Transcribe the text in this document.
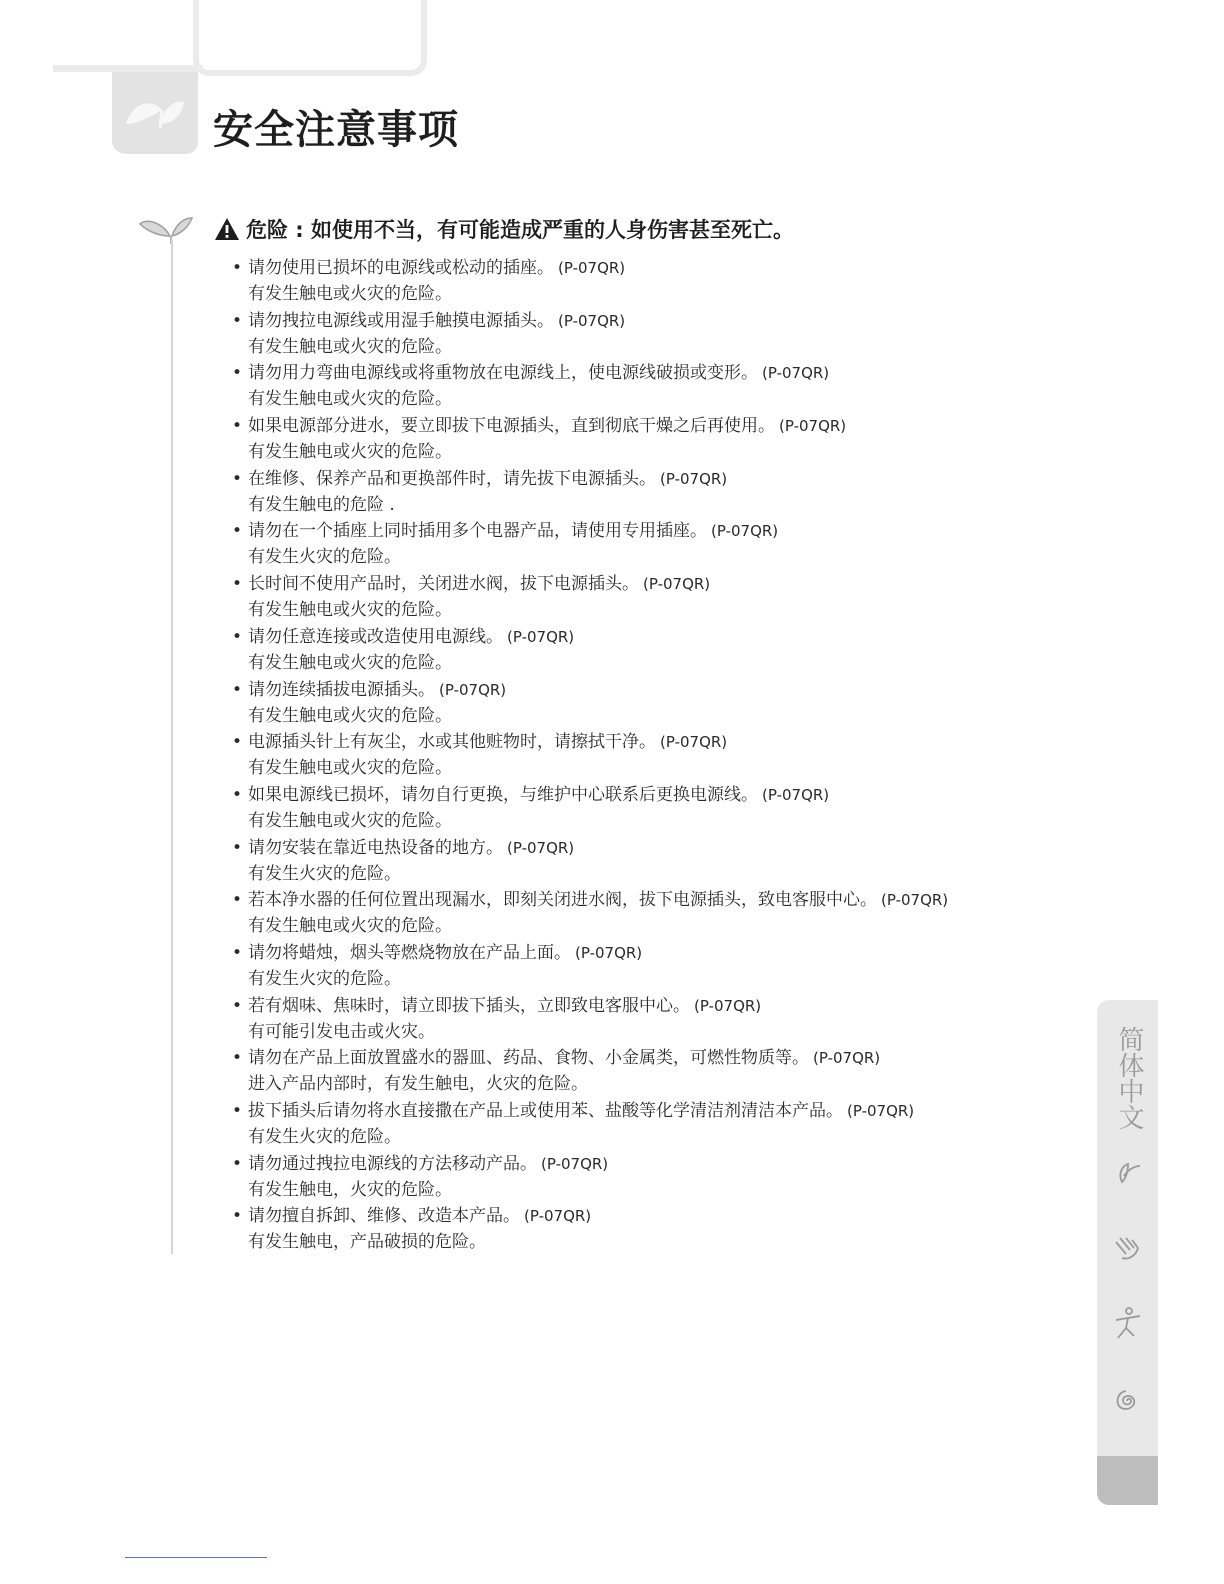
安全注意事项
危险 : 如使用不当，有可能造成严重的人身伤害甚至死亡。
• 请勿使用已损坏的电源线或松动的插座。 (P-07QR)
有发生触电或火灾的危险。
• 请勿拽拉电源线或用湿手触摸电源插头。 (P-07QR)
有发生触电或火灾的危险。
• 请勿用力弯曲电源线或将重物放在电源线上，使电源线破损或变形。 (P-07QR)
有发生触电或火灾的危险。
• 如果电源部分进水，要立即拔下电源插头，直到彻底干燥之后再使用。 (P-07QR)
有发生触电或火灾的危险。
• 在维修、保养产品和更换部件时，请先拔下电源插头。 (P-07QR)
有发生触电的危险 .
• 请勿在一个插座上同时插用多个电器产品，请使用专用插座。 (P-07QR)
有发生火灾的危险。
• 长时间不使用产品时，关闭进水阀，拔下电源插头。 (P-07QR)
有发生触电或火灾的危险。
• 请勿任意连接或改造使用电源线。 (P-07QR)
有发生触电或火灾的危险。
• 请勿连续插拔电源插头。 (P-07QR)
有发生触电或火灾的危险。
• 电源插头针上有灰尘，水或其他赃物时，请擦拭干净。 (P-07QR)
有发生触电或火灾的危险。
• 如果电源线已损坏，请勿自行更换，与维护中心联系后更换电源线。 (P-07QR)
有发生触电或火灾的危险。
• 请勿安装在靠近电热设备的地方。 (P-07QR)
有发生火灾的危险。
• 若本净水器的任何位置出现漏水，即刻关闭进水阀，拔下电源插头，致电客服中心。 (P-07QR)
有发生触电或火灾的危险。
• 请勿将蜡烛，烟头等燃烧物放在产品上面。 (P-07QR)
有发生火灾的危险。
• 若有烟味、焦味时，请立即拔下插头，立即致电客服中心。 (P-07QR)
有可能引发电击或火灾。
• 请勿在产品上面放置盛水的器皿、药品、食物、小金属类，可燃性物质等。 (P-07QR)
进入产品内部时，有发生触电，火灾的危险。
• 拔下插头后请勿将水直接撒在产品上或使用苯、盐酸等化学清洁剂清洁本产品。 (P-07QR)
有发生火灾的危险。
• 请勿通过拽拉电源线的方法移动产品。 (P-07QR)
有发生触电，火灾的危险。
• 请勿擅自拆卸、维修、改造本产品。 (P-07QR)
有发生触电，产品破损的危险。
简体中文
